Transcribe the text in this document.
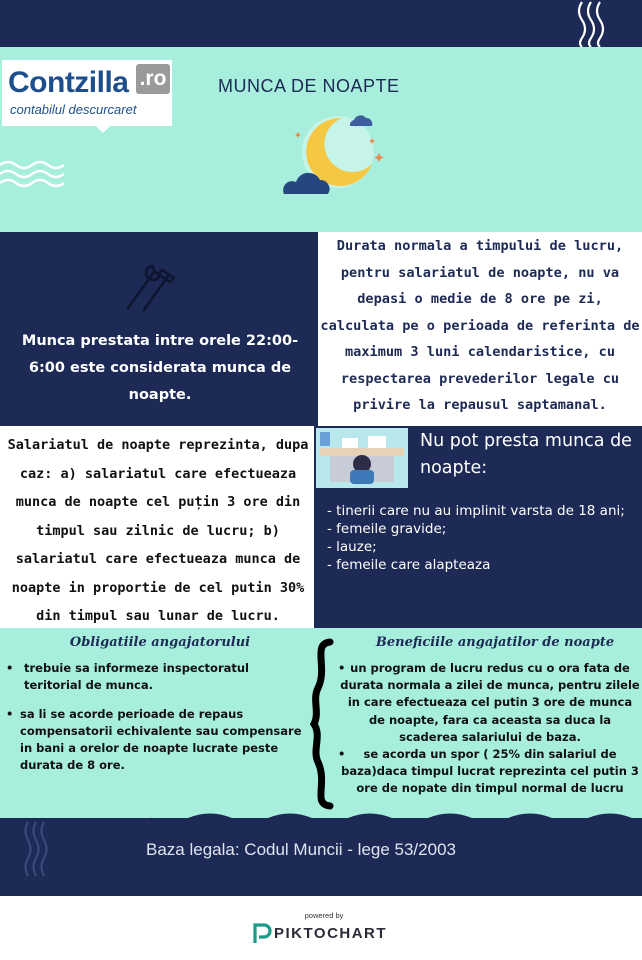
Contzilla .ro
contabilul descurcaret
MUNCA DE NOAPTE
Munca prestata intre orele 22:00-6:00 este considerata munca de noapte.
Durata normala a timpului de lucru, pentru salariatul de noapte, nu va depasi o medie de 8 ore pe zi, calculata pe o perioada de referinta de maximum 3 luni calendaristice, cu respectarea prevederilor legale cu privire la repausul saptamanal.
Salariatul de noapte reprezinta, dupa caz: a) salariatul care efectueaza munca de noapte cel puțin 3 ore din timpul sau zilnic de lucru; b) salariatul care efectueaza munca de noapte in proportie de cel putin 30% din timpul sau lunar de lucru.
Nu pot presta munca de noapte:
- tinerii care nu au implinit varsta de 18 ani;
- femeile gravide;
- lauze;
- femeile care alapteaza
Obligatiile angajatorului
• trebuie sa informeze inspectoratul teritorial de munca.
• sa li se acorde perioade de repaus compensatorii echivalente sau compensare in bani a orelor de noapte lucrate peste durata de 8 ore.
Beneficiile angajatilor de noapte
• un program de lucru redus cu o ora fata de durata normala a zilei de munca, pentru zilele in care efectueaza cel putin 3 ore de munca de noapte, fara ca aceasta sa duca la scaderea salariului de baza.
• se acorda un spor ( 25% din salariul de baza)daca timpul lucrat reprezinta cel putin 3 ore de nopate din timpul normal de lucru
Baza legala: Codul Muncii - lege 53/2003
powered by
PIKTOCHART
